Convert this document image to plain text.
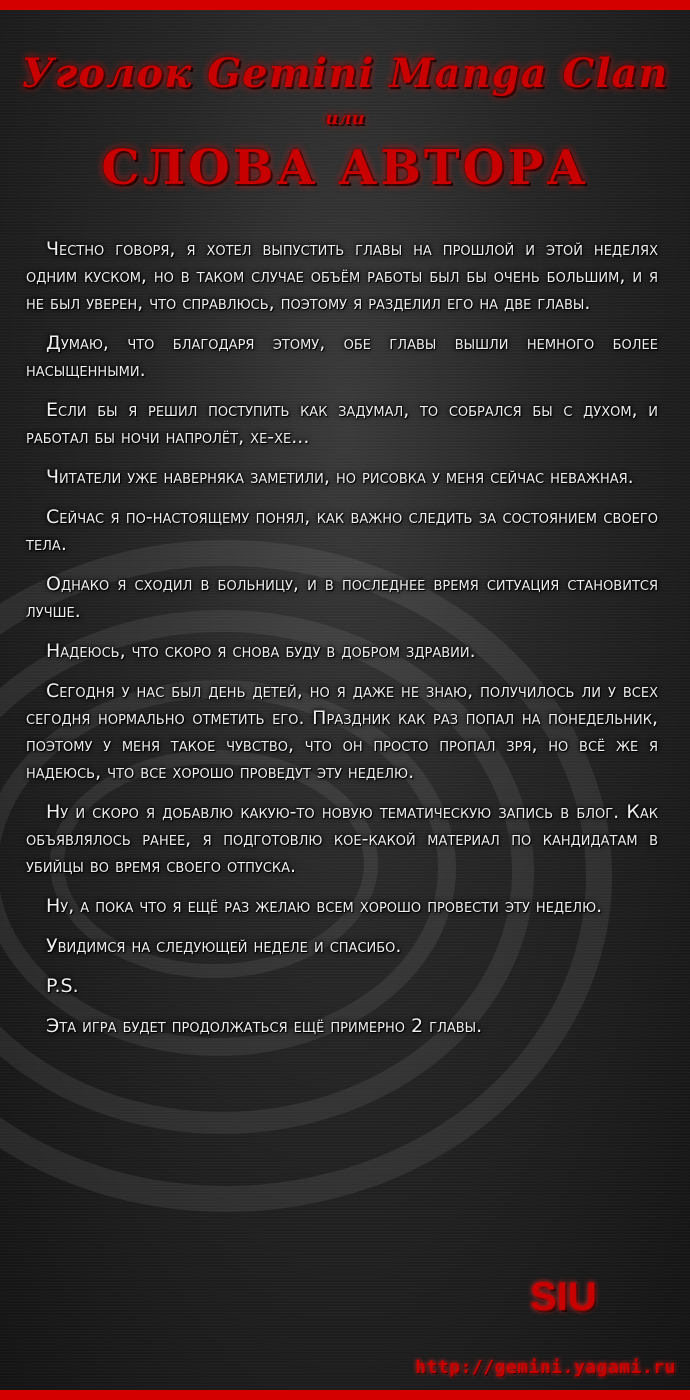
Уголок Gemini Manga Clan
или
СЛОВА АВТОРА

Честно говоря, я хотел выпустить главы на прошлой и этой неделях одним куском, но в таком случае объём работы был бы очень большим, и я не был уверен, что справлюсь, поэтому я разделил его на две главы.

Думаю, что благодаря этому, обе главы вышли немного более насыщенными.

Если бы я решил поступить как задумал, то собрался бы с духом, и работал бы ночи напролёт, хе-хе...

Читатели уже наверняка заметили, но рисовка у меня сейчас неважная.

Сейчас я по-настоящему понял, как важно следить за состоянием своего тела.

Однако я сходил в больницу, и в последнее время ситуация становится лучше.

Надеюсь, что скоро я снова буду в добром здравии.

Сегодня у нас был день детей, но я даже не знаю, получилось ли у всех сегодня нормально отметить его. Праздник как раз попал на понедельник, поэтому у меня такое чувство, что он просто пропал зря, но всё же я надеюсь, что все хорошо проведут эту неделю.

Ну и скоро я добавлю какую-то новую тематическую запись в блог. Как объявлялось ранее, я подготовлю кое-какой материал по кандидатам в убийцы во время своего отпуска.

Ну, а пока что я ещё раз желаю всем хорошо провести эту неделю.

Увидимся на следующей неделе и спасибо.

P.S.

Эта игра будет продолжаться ещё примерно 2 главы.

SIU
http://gemini.yagami.ru
